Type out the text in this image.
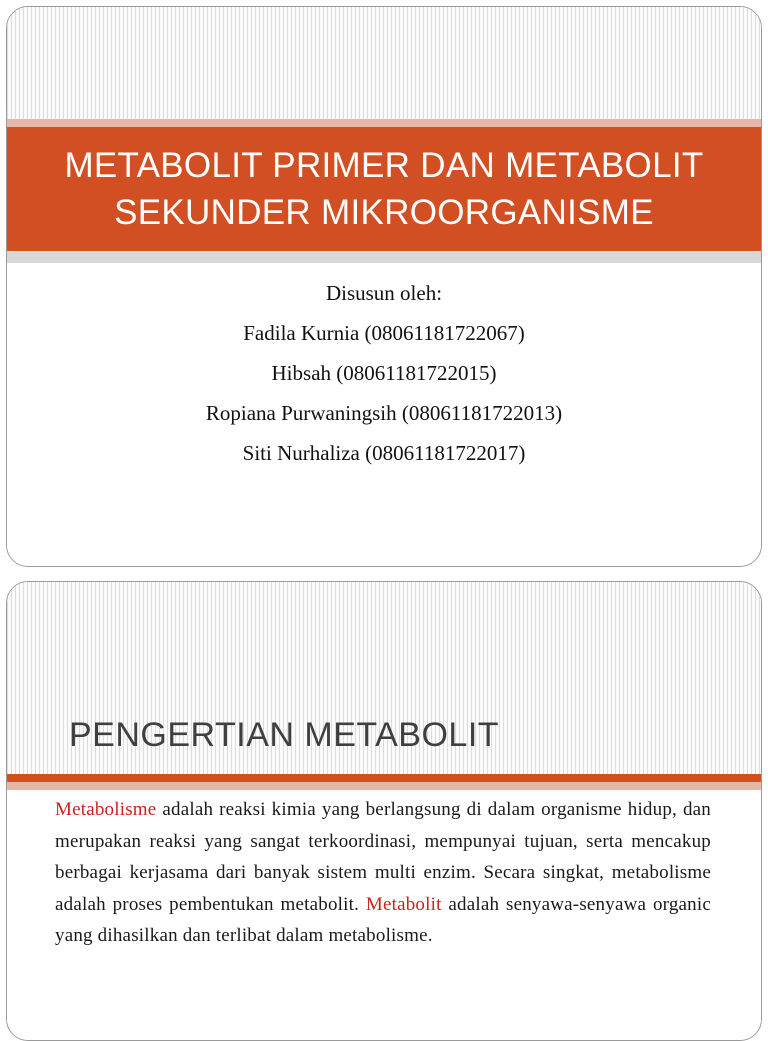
METABOLIT PRIMER DAN METABOLIT SEKUNDER MIKROORGANISME
Disusun oleh:
Fadila Kurnia (08061181722067)
Hibsah (08061181722015)
Ropiana Purwaningsih (08061181722013)
Siti Nurhaliza (08061181722017)
PENGERTIAN METABOLIT

Metabolisme adalah reaksi kimia yang berlangsung di dalam organisme hidup, dan merupakan reaksi yang sangat terkoordinasi, mempunyai tujuan, serta mencakup berbagai kerjasama dari banyak sistem multi enzim. Secara singkat, metabolisme adalah proses pembentukan metabolit. Metabolit adalah senyawa-senyawa organic yang dihasilkan dan terlibat dalam metabolisme.
